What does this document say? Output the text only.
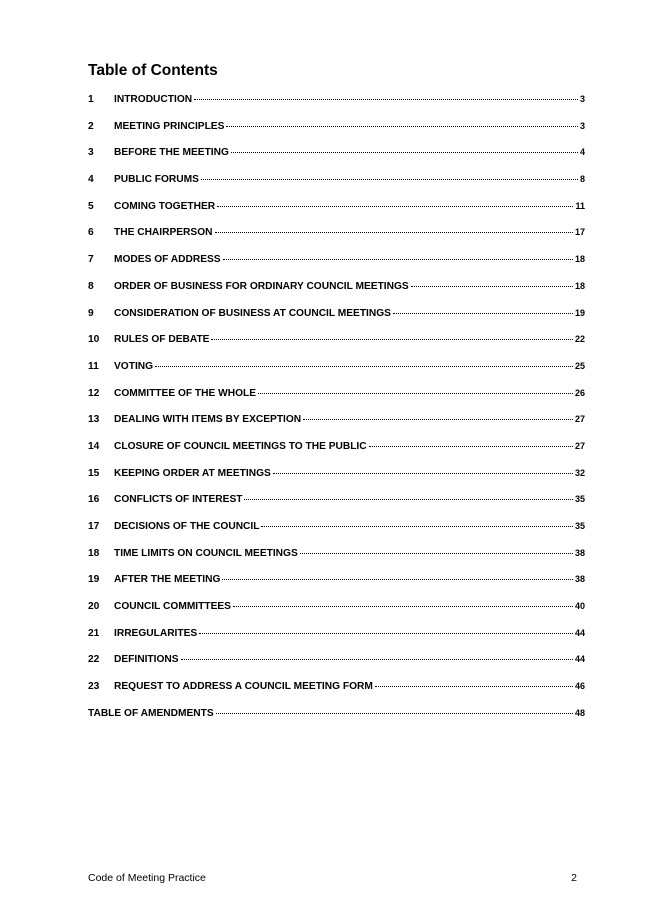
Table of Contents
1	INTRODUCTION	3
2	MEETING PRINCIPLES	3
3	BEFORE THE MEETING	4
4	PUBLIC FORUMS	8
5	COMING TOGETHER	11
6	THE CHAIRPERSON	17
7	MODES OF ADDRESS	18
8	ORDER OF BUSINESS FOR ORDINARY COUNCIL MEETINGS	18
9	CONSIDERATION OF BUSINESS AT COUNCIL MEETINGS	19
10	RULES OF DEBATE	22
11	VOTING	25
12	COMMITTEE OF THE WHOLE	26
13	DEALING WITH ITEMS BY EXCEPTION	27
14	CLOSURE OF COUNCIL MEETINGS TO THE PUBLIC	27
15	KEEPING ORDER AT MEETINGS	32
16	CONFLICTS OF INTEREST	35
17	DECISIONS OF THE COUNCIL	35
18	TIME LIMITS ON COUNCIL MEETINGS	38
19	AFTER THE MEETING	38
20	COUNCIL COMMITTEES	40
21	IRREGULARITES	44
22	DEFINITIONS	44
23	REQUEST TO ADDRESS A COUNCIL MEETING FORM	46
TABLE OF AMENDMENTS	48
Code of Meeting Practice	2
